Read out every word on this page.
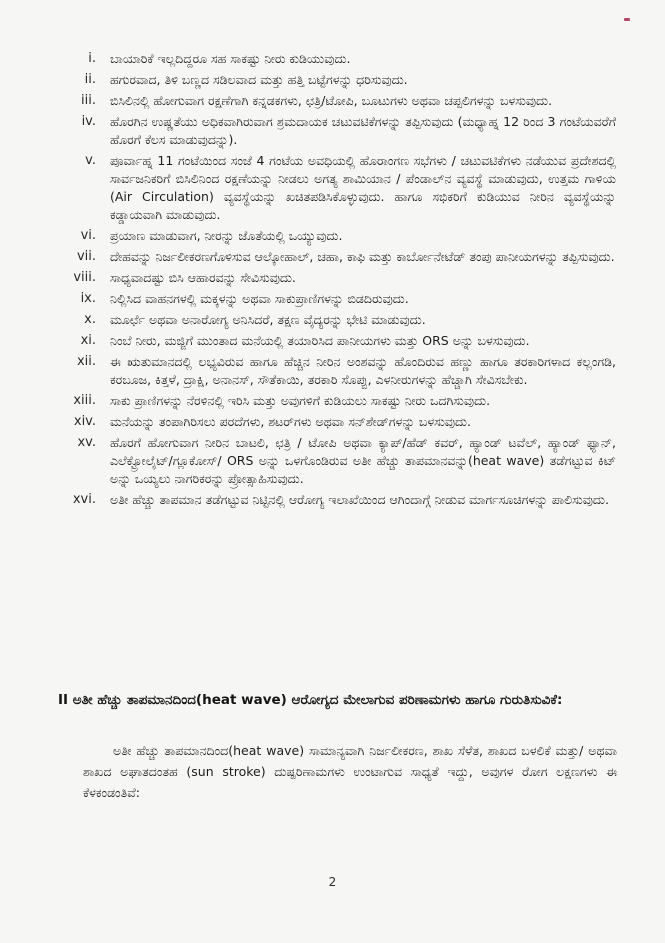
i. ಬಾಯಾರಿಕೆ ಇಲ್ಲದಿದ್ದರೂ ಸಹ ಸಾಕಷ್ಟು ನೀರು ಕುಡಿಯುವುದು.
ii. ಹಗುರವಾದ, ತಿಳಿ ಬಣ್ಣದ ಸಡಿಲವಾದ ಮತ್ತು ಹತ್ತಿ ಬಟ್ಟೆಗಳನ್ನು ಧರಿಸುವುದು.
iii. ಬಿಸಿಲಿನಲ್ಲಿ ಹೋಗುವಾಗ ರಕ್ಷಣೆಗಾಗಿ ಕನ್ನಡಕಗಳು, ಛತ್ರಿ/ಟೋಪಿ, ಬೂಟುಗಳು ಅಥವಾ ಚಪ್ಪಲಿಗಳನ್ನು ಬಳಸುವುದು.
iv. ಹೊರಗಿನ ಉಷ್ಣತೆಯು ಅಧಿಕವಾಗಿರುವಾಗ ಶ್ರಮದಾಯಕ ಚಟುವಟಿಕೆಗಳನ್ನು ತಪ್ಪಿಸುವುದು (ಮಧ್ಯಾಹ್ನ 12 ರಿಂದ 3 ಗಂಟೆಯವರೆಗೆ ಹೊರಗೆ ಕೆಲಸ ಮಾಡುವುದನ್ನು).
v. ಪೂರ್ವಾಹ್ನ 11 ಗಂಟೆಯಿಂದ ಸಂಜೆ 4 ಗಂಟೆಯ ಅವಧಿಯಲ್ಲಿ ಹೊರಾಂಗಣ ಸಭೆಗಳು / ಚಟುವಟಿಕೆಗಳು ನಡೆಯುವ ಪ್ರದೇಶದಲ್ಲಿ ಸಾರ್ವಜನಿಕರಿಗೆ ಬಿಸಿಲಿನಿಂದ ರಕ್ಷಣೆಯನ್ನು ನೀಡಲು ಅಗತ್ಯ ಶಾಮಿಯಾನ / ಪೆಂಡಾಲ್‌ನ ವ್ಯವಸ್ಥೆ ಮಾಡುವುದು, ಉತ್ತಮ ಗಾಳಿಯ (Air Circulation) ವ್ಯವಸ್ಥೆಯನ್ನು ಖಚಿತಪಡಿಸಿಕೊಳ್ಳುವುದು. ಹಾಗೂ ಸಭಿಕರಿಗೆ ಕುಡಿಯುವ ನೀರಿನ ವ್ಯವಸ್ಥೆಯನ್ನು ಕಡ್ಡಾಯವಾಗಿ ಮಾಡುವುದು.
vi. ಪ್ರಯಾಣ ಮಾಡುವಾಗ, ನೀರನ್ನು ಜೊತೆಯಲ್ಲಿ ಒಯ್ಯುವುದು.
vii. ದೇಹವನ್ನು ನಿರ್ಜಲೀಕರಣಗೊಳಿಸುವ ಆಲ್ಕೋಹಾಲ್, ಚಹಾ, ಕಾಫಿ ಮತ್ತು ಕಾರ್ಬೋನೇಟೆಡ್ ತಂಪು ಪಾನೀಯಗಳನ್ನು ತಪ್ಪಿಸುವುದು.
viii. ಸಾಧ್ಯವಾದಷ್ಟು ಬಿಸಿ ಆಹಾರವನ್ನು ಸೇವಿಸುವುದು.
ix. ನಿಲ್ಲಿಸಿದ ವಾಹನಗಳಲ್ಲಿ ಮಕ್ಕಳನ್ನು ಅಥವಾ ಸಾಕುಪ್ರಾಣಿಗಳನ್ನು ಬಿಡದಿರುವುದು.
x. ಮೂರ್ಛೆ ಅಥವಾ ಅನಾರೋಗ್ಯ ಅನಿಸಿದರೆ, ತಕ್ಷಣ ವೈದ್ಯರನ್ನು ಭೇಟಿ ಮಾಡುವುದು.
xi. ನಿಂಬೆ ನೀರು, ಮಜ್ಜಿಗೆ ಮುಂತಾದ ಮನೆಯಲ್ಲಿ ತಯಾರಿಸಿದ ಪಾನೀಯಗಳು ಮತ್ತು ORS ಅನ್ನು ಬಳಸುವುದು.
xii. ಈ ಋತುಮಾನದಲ್ಲಿ ಲಭ್ಯವಿರುವ ಹಾಗೂ ಹೆಚ್ಚಿನ ನೀರಿನ ಅಂಶವನ್ನು ಹೊಂದಿರುವ ಹಣ್ಣು ಹಾಗೂ ತರಕಾರಿಗಳಾದ ಕಲ್ಲಂಗಡಿ, ಕರಬೂಜ, ಕಿತ್ತಳೆ, ದ್ರಾಕ್ಷಿ, ಅನಾನಸ್, ಸೌತೆಕಾಯಿ, ತರಕಾರಿ ಸೊಪ್ಪು, ಎಳನೀರುಗಳನ್ನು ಹೆಚ್ಚಾಗಿ ಸೇವಿಸಬೇಕು.
xiii. ಸಾಕು ಪ್ರಾಣಿಗಳನ್ನು ನೆರಳಿನಲ್ಲಿ ಇರಿಸಿ ಮತ್ತು ಅವುಗಳಿಗೆ ಕುಡಿಯಲು ಸಾಕಷ್ಟು ನೀರು ಒದಗಿಸುವುದು.
xiv. ಮನೆಯನ್ನು ತಂಪಾಗಿರಿಸಲು ಪರದೆಗಳು, ಶಟರ್‌ಗಳು ಅಥವಾ ಸನ್‌ಶೇಡ್‌ಗಳನ್ನು ಬಳಸುವುದು.
xv. ಹೊರಗೆ ಹೋಗುವಾಗ ನೀರಿನ ಬಾಟಲಿ, ಛತ್ರಿ / ಟೋಪಿ ಅಥವಾ ಕ್ಯಾಪ್/ಹೆಡ್ ಕವರ್, ಹ್ಯಾಂಡ್ ಟವೆಲ್, ಹ್ಯಾಂಡ್ ಫ್ಯಾನ್, ಎಲೆಕ್ಟ್ರೋಲೈಟ್/ಗ್ಲೂಕೋಸ್/ ORS ಅನ್ನು ಒಳಗೊಂಡಿರುವ ಅತೀ ಹೆಚ್ಚು ತಾಪಮಾನವನ್ನು(heat wave) ತಡೆಗಟ್ಟುವ ಕಿಟ್ ಅನ್ನು ಒಯ್ಯಲು ನಾಗರಿಕರನ್ನು ಪ್ರೋತ್ಸಾಹಿಸುವುದು.
xvi. ಅತೀ ಹೆಚ್ಚು ತಾಪಮಾನ ತಡೆಗಟ್ಟುವ ನಿಟ್ಟಿನಲ್ಲಿ ಆರೋಗ್ಯ ಇಲಾಖೆಯಿಂದ ಆಗಿಂದಾಗ್ಗೆ ನೀಡುವ ಮಾರ್ಗಸೂಚಿಗಳನ್ನು ಪಾಲಿಸುವುದು.
II ಅತೀ ಹೆಚ್ಚು ತಾಪಮಾನದಿಂದ(heat wave) ಆರೋಗ್ಯದ ಮೇಲಾಗುವ ಪರಿಣಾಮಗಳು ಹಾಗೂ ಗುರುತಿಸುವಿಕೆ:
ಅತೀ ಹೆಚ್ಚು ತಾಪಮಾನದಿಂದ(heat wave) ಸಾಮಾನ್ಯವಾಗಿ ನಿರ್ಜಲೀಕರಣ, ಶಾಖ ಸೆಳೆತ, ಶಾಖದ ಬಳಲಿಕೆ ಮತ್ತು/ ಅಥವಾ ಶಾಖದ ಅಘಾತದಂತಹ (sun stroke) ದುಷ್ಪರಿಣಾಮಗಳು ಉಂಟಾಗುವ ಸಾಧ್ಯತೆ ಇದ್ದು, ಅವುಗಳ ರೋಗ ಲಕ್ಷಣಗಳು ಈ ಕೆಳಕಂಡಂತಿವೆ:
2
